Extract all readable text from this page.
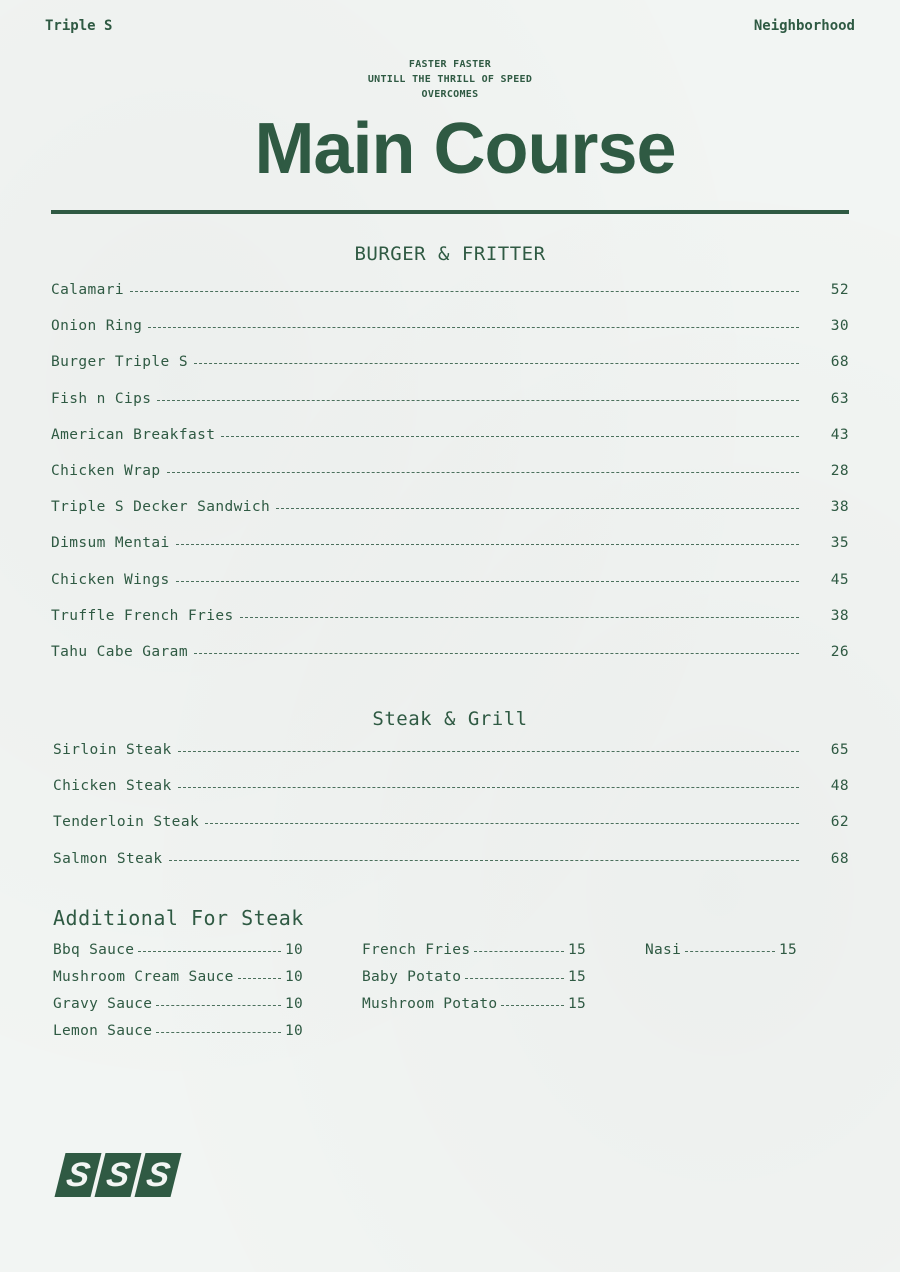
Triple S	Neighborhood
FASTER FASTER
UNTILL THE THRILL OF SPEED
OVERCOMES
Main Course
BURGER & FRITTER
Calamari	52
Onion Ring	30
Burger Triple S	68
Fish n Cips	63
American Breakfast	43
Chicken Wrap	28
Triple S Decker Sandwich	38
Dimsum Mentai	35
Chicken Wings	45
Truffle French Fries	38
Tahu Cabe Garam	26
Steak & Grill
Sirloin Steak	65
Chicken Steak	48
Tenderloin Steak	62
Salmon Steak	68
Additional For Steak
Bbq Sauce	10
Mushroom Cream Sauce	10
Gravy Sauce	10
Lemon Sauce	10
French Fries	15
Baby Potato	15
Mushroom Potato	15
Nasi	15
S S S
